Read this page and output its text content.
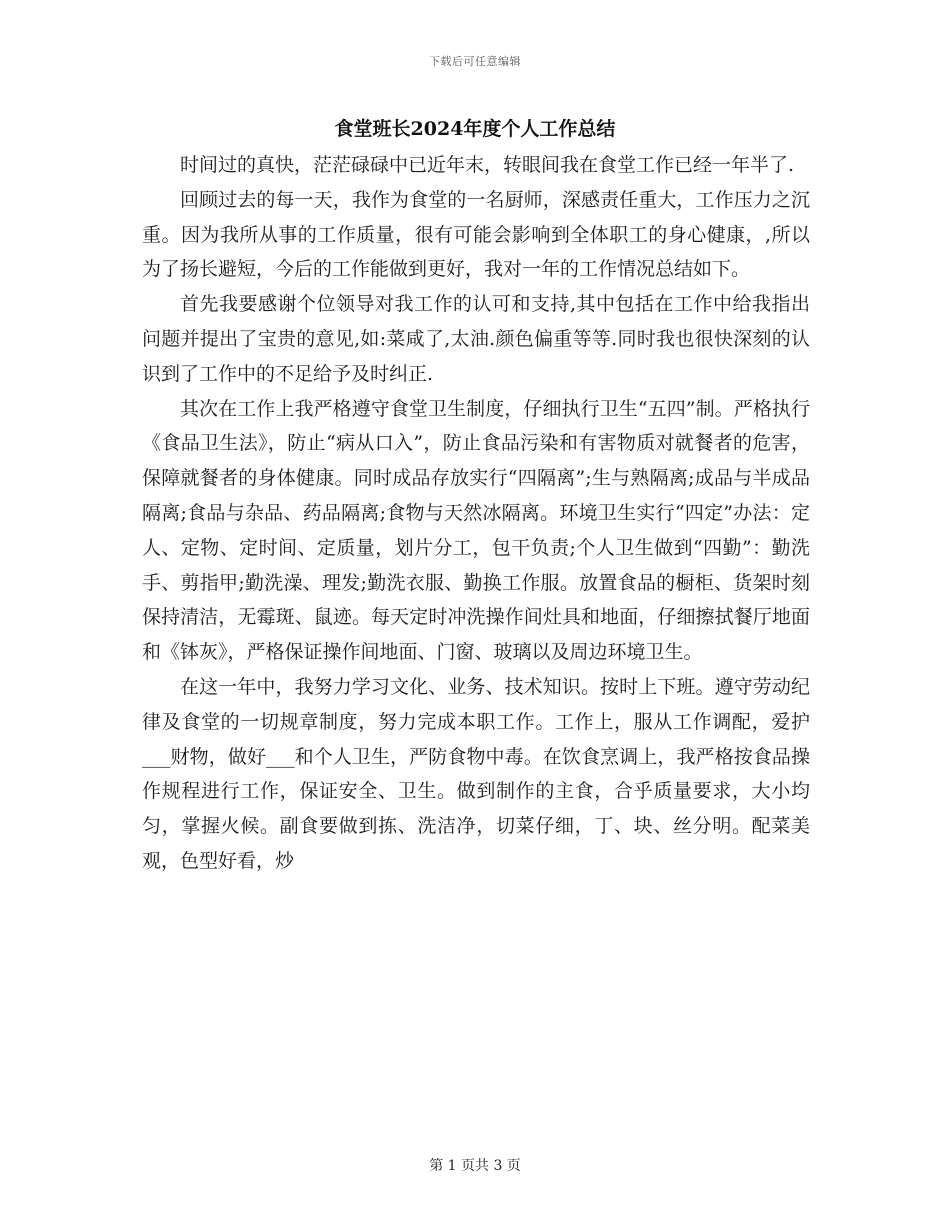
下载后可任意编辑
食堂班长2024年度个人工作总结

时间过的真快，茫茫碌碌中已近年末，转眼间我在食堂工作已经一年半了.

回顾过去的每一天，我作为食堂的一名厨师，深感责任重大，工作压力之沉重。因为我所从事的工作质量，很有可能会影响到全体职工的身心健康，,所以为了扬长避短，今后的工作能做到更好，我对一年的工作情况总结如下。

首先我要感谢个位领导对我工作的认可和支持,其中包括在工作中给我指出问题并提出了宝贵的意见,如:菜咸了,太油.颜色偏重等等.同时我也很快深刻的认识到了工作中的不足给予及时纠正.

其次在工作上我严格遵守食堂卫生制度，仔细执行卫生“五四”制。严格执行《食品卫生法》，防止“病从口入”，防止食品污染和有害物质对就餐者的危害，保障就餐者的身体健康。同时成品存放实行“四隔离”;生与熟隔离;成品与半成品隔离;食品与杂品、药品隔离;食物与天然冰隔离。环境卫生实行“四定”办法：定人、定物、定时间、定质量，划片分工，包干负责;个人卫生做到“四勤”：勤洗手、剪指甲;勤洗澡、理发;勤洗衣服、勤换工作服。放置食品的橱柜、货架时刻保持清洁，无霉斑、鼠迹。每天定时冲洗操作间灶具和地面，仔细擦拭餐厅地面和《钵灰》，严格保证操作间地面、门窗、玻璃以及周边环境卫生。

在这一年中，我努力学习文化、业务、技术知识。按时上下班。遵守劳动纪律及食堂的一切规章制度，努力完成本职工作。工作上，服从工作调配，爱护___财物，做好___和个人卫生，严防食物中毒。在饮食烹调上，我严格按食品操作规程进行工作，保证安全、卫生。做到制作的主食，合乎质量要求，大小均匀，掌握火候。副食要做到拣、洗洁净，切菜仔细，丁、块、丝分明。配菜美观，色型好看，炒

第 1 页共 3 页
